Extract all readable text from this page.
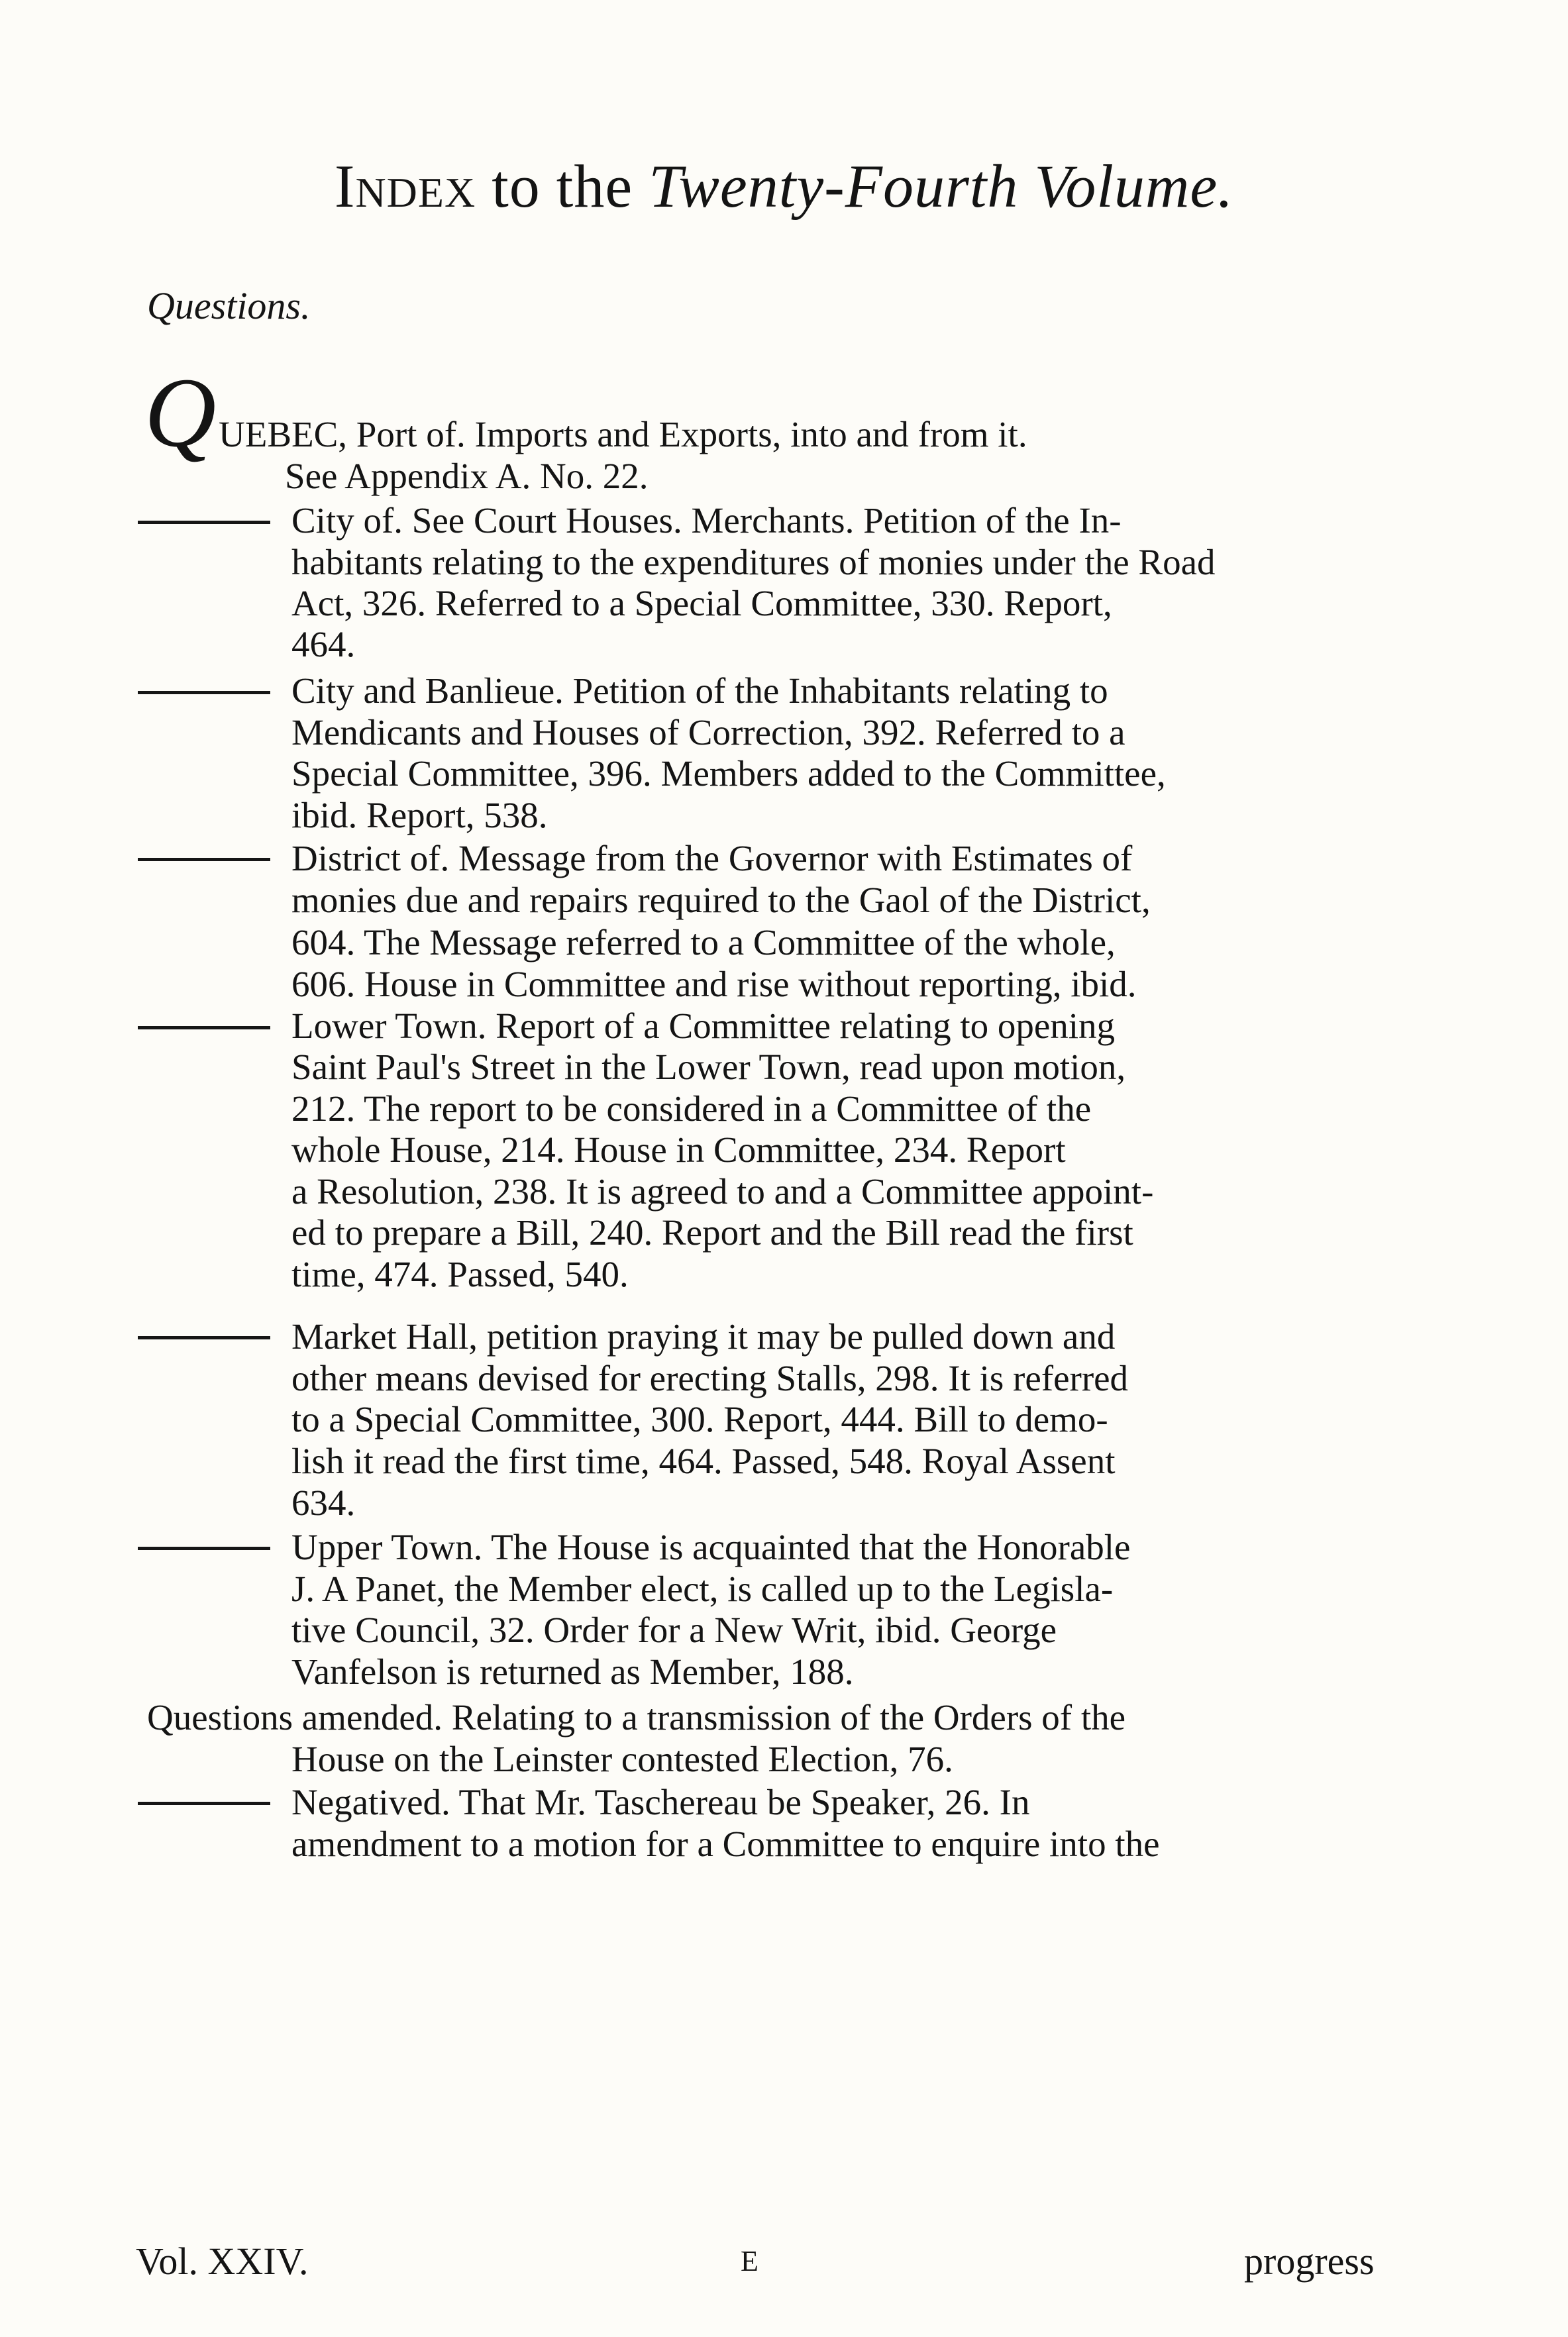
Index to the Twenty-Fourth Volume.
Questions.
Q UEBEC, Port of. Imports and Exports, into and from it.
See Appendix A. No. 22.
City of. See Court Houses. Merchants. Petition of the In-
habitants relating to the expenditures of monies under the Road
Act, 326. Referred to a Special Committee, 330. Report,
464.
City and Banlieue. Petition of the Inhabitants relating to
Mendicants and Houses of Correction, 392. Referred to a
Special Committee, 396. Members added to the Committee,
ibid. Report, 538.
District of. Message from the Governor with Estimates of
monies due and repairs required to the Gaol of the District,
604. The Message referred to a Committee of the whole,
606. House in Committee and rise without reporting, ibid.
Lower Town. Report of a Committee relating to opening
Saint Paul's Street in the Lower Town, read upon motion,
212. The report to be considered in a Committee of the
whole House, 214. House in Committee, 234. Report
a Resolution, 238. It is agreed to and a Committee appoint-
ed to prepare a Bill, 240. Report and the Bill read the first
time, 474. Passed, 540.
Market Hall, petition praying it may be pulled down and
other means devised for erecting Stalls, 298. It is referred
to a Special Committee, 300. Report, 444. Bill to demo-
lish it read the first time, 464. Passed, 548. Royal Assent
634.
Upper Town. The House is acquainted that the Honorable
J. A Panet, the Member elect, is called up to the Legisla-
tive Council, 32. Order for a New Writ, ibid. George
Vanfelson is returned as Member, 188.
Questions amended. Relating to a transmission of the Orders of the
House on the Leinster contested Election, 76.
Negatived. That Mr. Taschereau be Speaker, 26. In
amendment to a motion for a Committee to enquire into the
Vol. XXIV.	E	progress
